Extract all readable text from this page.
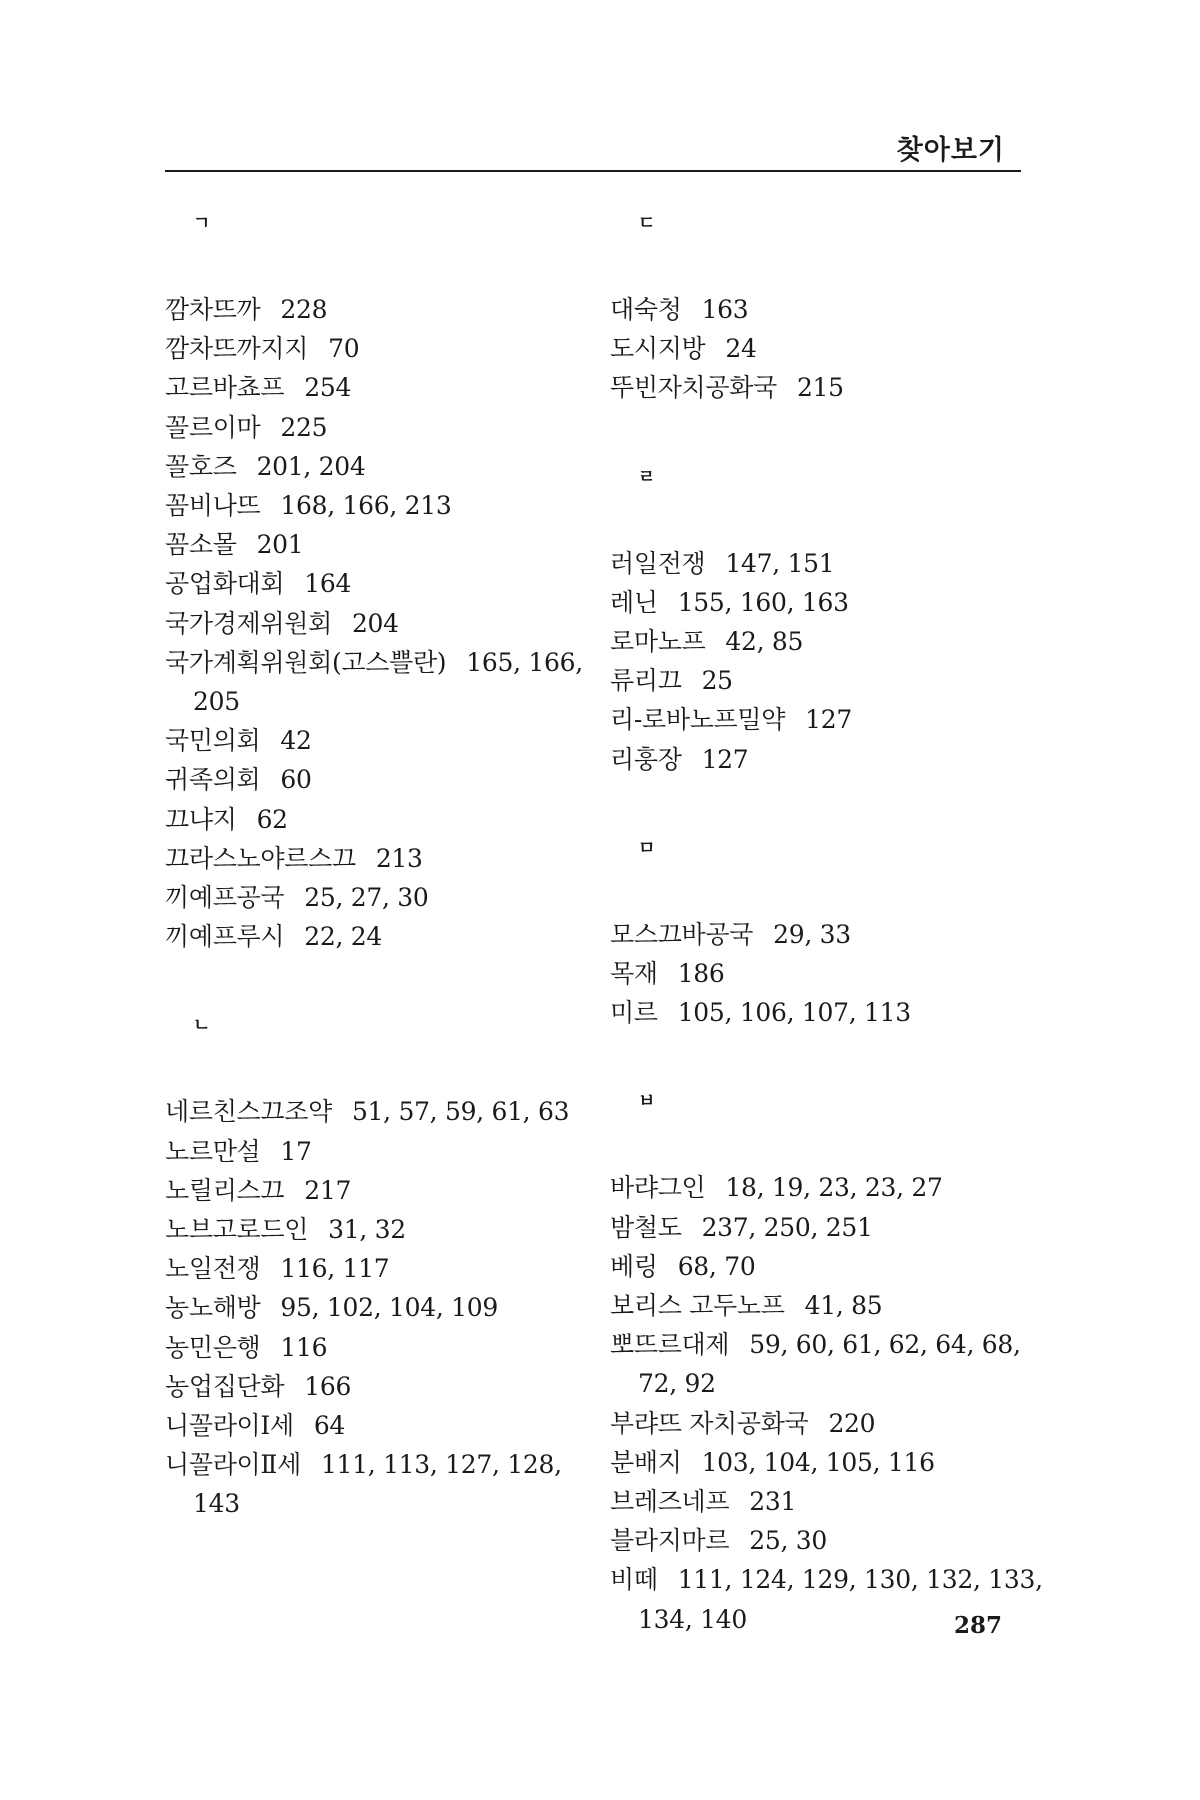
찾아보기
ㄱ
깜차뜨까 228
깜차뜨까지지 70
고르바쵸프 254
꼴르이마 225
꼴호즈 201, 204
꼼비나뜨 168, 166, 213
꼼소몰 201
공업화대회 164
국가경제위원회 204
국가계획위원회(고스쁠란) 165, 166, 205
국민의회 42
귀족의회 60
끄냐지 62
끄라스노야르스끄 213
끼예프공국 25, 27, 30
끼예프루시 22, 24
ㄴ
네르친스끄조약 51, 57, 59, 61, 63
노르만설 17
노릴리스끄 217
노브고로드인 31, 32
노일전쟁 116, 117
농노해방 95, 102, 104, 109
농민은행 116
농업집단화 166
니꼴라이Ⅰ세 64
니꼴라이Ⅱ세 111, 113, 127, 128, 143
ㄷ
대숙청 163
도시지방 24
뚜빈자치공화국 215
ㄹ
러일전쟁 147, 151
레닌 155, 160, 163
로마노프 42, 85
류리끄 25
리-로바노프밀약 127
리훙장 127
ㅁ
모스끄바공국 29, 33
목재 186
미르 105, 106, 107, 113
ㅂ
바랴그인 18, 19, 23, 23, 27
밤철도 237, 250, 251
베링 68, 70
보리스 고두노프 41, 85
뽀뜨르대제 59, 60, 61, 62, 64, 68, 72, 92
부랴뜨 자치공화국 220
분배지 103, 104, 105, 116
브레즈네프 231
블라지마르 25, 30
비떼 111, 124, 129, 130, 132, 133, 134, 140	287
